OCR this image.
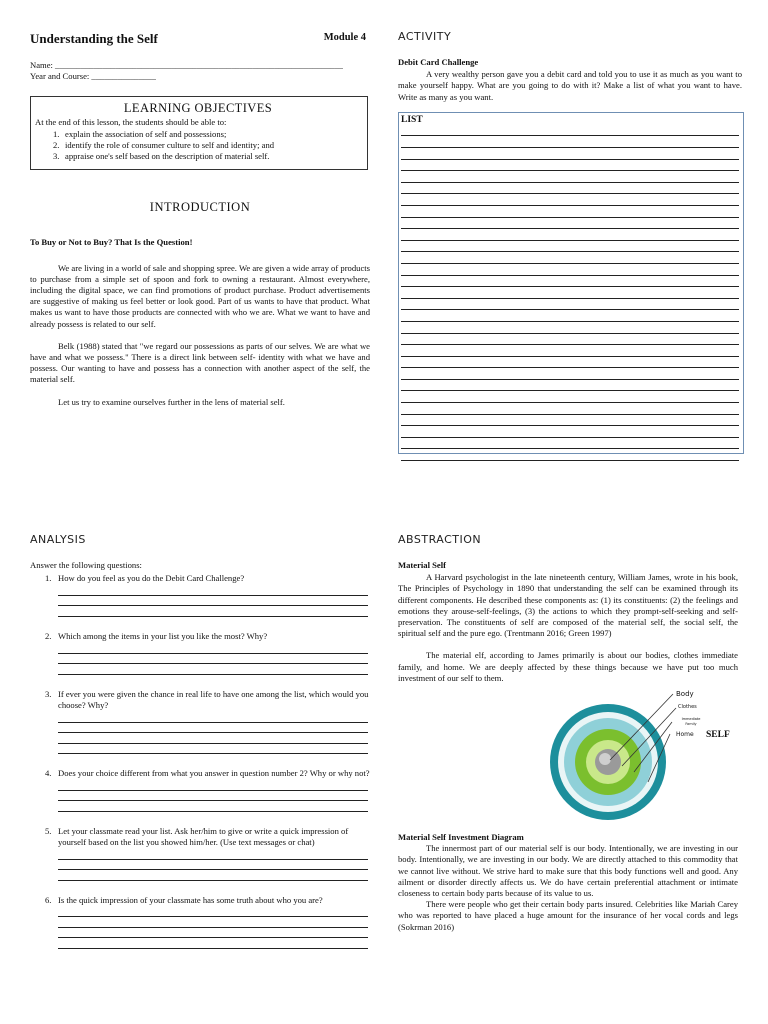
Understanding the Self	Module 4
Name: ___________________________________________________________________
Year and Course: _______________
LEARNING OBJECTIVES
At the end of this lesson, the students should be able to:
1. explain the association of self and possessions;
2. identify the role of consumer culture to self and identity; and
3. appraise one's self based on the description of material self.
INTRODUCTION
To Buy or Not to Buy? That Is the Question!

We are living in a world of sale and shopping spree. We are given a wide array of products to purchase from a simple set of spoon and fork to owning a restaurant. Almost everywhere, including the digital space, we can find promotions of product purchase. Product advertisements are suggestive of making us feel better or look good. Part of us wants to have that product. What makes us want to have those products are connected with who we are. What we want to have and already possess is related to our self.

Belk (1988) stated that "we regard our possessions as parts of our selves. We are what we have and what we possess." There is a direct link between self- identity with what we have and possess. Our wanting to have and possess has a connection with another aspect of the self, the material self.

Let us try to examine ourselves further in the lens of material self.

ACTIVITY
Debit Card Challenge

A very wealthy person gave you a debit card and told you to use it as much as you want to make yourself happy. What are you going to do with it? Make a list of what you want to have. Write as many as you want.

LIST
ANALYSIS
Answer the following questions:
1. How do you feel as you do the Debit Card Challenge?
2. Which among the items in your list you like the most? Why?
3. If ever you were given the chance in real life to have one among the list, which would you choose? Why?
4. Does your choice different from what you answer in question number 2? Why or why not?
5. Let your classmate read your list. Ask her/him to give or write a quick impression of yourself based on the list you showed him/her. (Use text messages or chat)
6. Is the quick impression of your classmate has some truth about who you are?
ABSTRACTION
Material Self

A Harvard psychologist in the late nineteenth century, William James, wrote in his book, The Principles of Psychology in 1890 that understanding the self can be examined through its different components. He described these components as: (1) its constituents: (2) the feelings and emotions they arouse-self-feelings, (3) the actions to which they prompt-self-seeking and self-preservation. The constituents of self are composed of the material self, the social self, the spiritual self and the pure ego. (Trentmann 2016; Green 1997)

The material elf, according to James primarily is about our bodies, clothes immediate family, and home. We are deeply affected by these things because we have put too much investment of our self to them.

Body
Clothes
Immediate Family
Home SELF
Material Self Investment Diagram

The innermost part of our material self is our body. Intentionally, we are investing in our body. Intentionally, we are investing in our body. We are directly attached to this commodity that we cannot live without. We strive hard to make sure that this body functions well and good. Any ailment or disorder directly affects us. We do have certain preferential attachment or intimate closeness to certain body parts because of its value to us.

There were people who get their certain body parts insured. Celebrities like Mariah Carey who was reported to have placed a huge amount for the insurance of her vocal cords and legs (Sokrman 2016)
